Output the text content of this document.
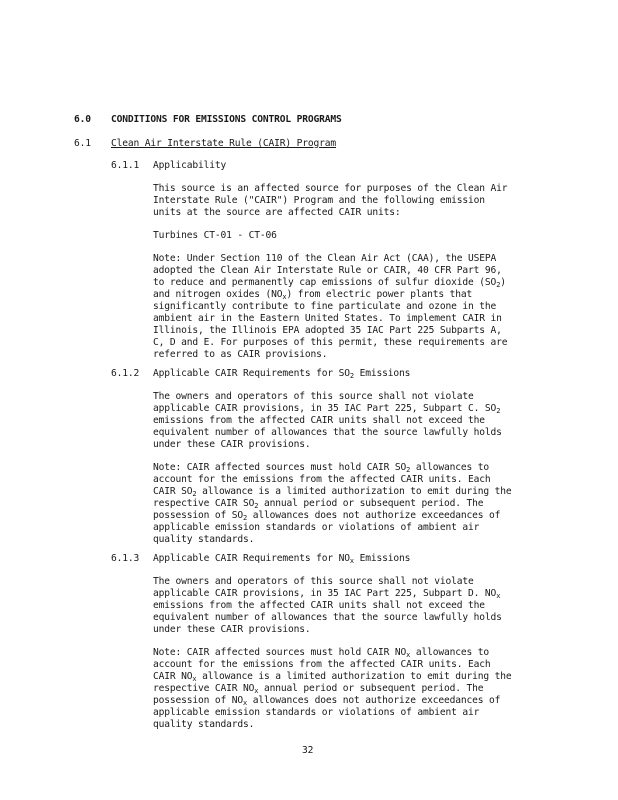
6.0 CONDITIONS FOR EMISSIONS CONTROL PROGRAMS
6.1 Clean Air Interstate Rule (CAIR) Program
6.1.1 Applicability
This source is an affected source for purposes of the Clean Air
Interstate Rule ("CAIR") Program and the following emission
units at the source are affected CAIR units:
Turbines CT-01 - CT-06
Note: Under Section 110 of the Clean Air Act (CAA), the USEPA
adopted the Clean Air Interstate Rule or CAIR, 40 CFR Part 96,
to reduce and permanently cap emissions of sulfur dioxide $(SO_2)$
and nitrogen oxides $(NO_x)$ from electric power plants that
significantly contribute to fine particulate and ozone in the
ambient air in the Eastern United States. To implement CAIR in
Illinois, the Illinois EPA adopted 35 IAC Part 225 Subparts A,
C, D and E. For purposes of this permit, these requirements are
referred to as CAIR provisions.
6.1.2 Applicable CAIR Requirements for $SO_2$ Emissions
The owners and operators of this source shall not violate
applicable CAIR provisions, in 35 IAC Part 225, Subpart C. $SO_2$
emissions from the affected CAIR units shall not exceed the
equivalent number of allowances that the source lawfully holds
under these CAIR provisions.
Note: CAIR affected sources must hold CAIR $SO_2$ allowances to
account for the emissions from the affected CAIR units. Each
CAIR $SO_2$ allowance is a limited authorization to emit during the
respective CAIR $SO_2$ annual period or subsequent period. The
possession of $SO_2$ allowances does not authorize exceedances of
applicable emission standards or violations of ambient air
quality standards.
6.1.3 Applicable CAIR Requirements for $NO_x$ Emissions
The owners and operators of this source shall not violate
applicable CAIR provisions, in 35 IAC Part 225, Subpart D. $NO_x$
emissions from the affected CAIR units shall not exceed the
equivalent number of allowances that the source lawfully holds
under these CAIR provisions.
Note: CAIR affected sources must hold CAIR $NO_x$ allowances to
account for the emissions from the affected CAIR units. Each
CAIR $NO_x$ allowance is a limited authorization to emit during the
respective CAIR $NO_x$ annual period or subsequent period. The
possession of $NO_x$ allowances does not authorize exceedances of
applicable emission standards or violations of ambient air
quality standards.
32
